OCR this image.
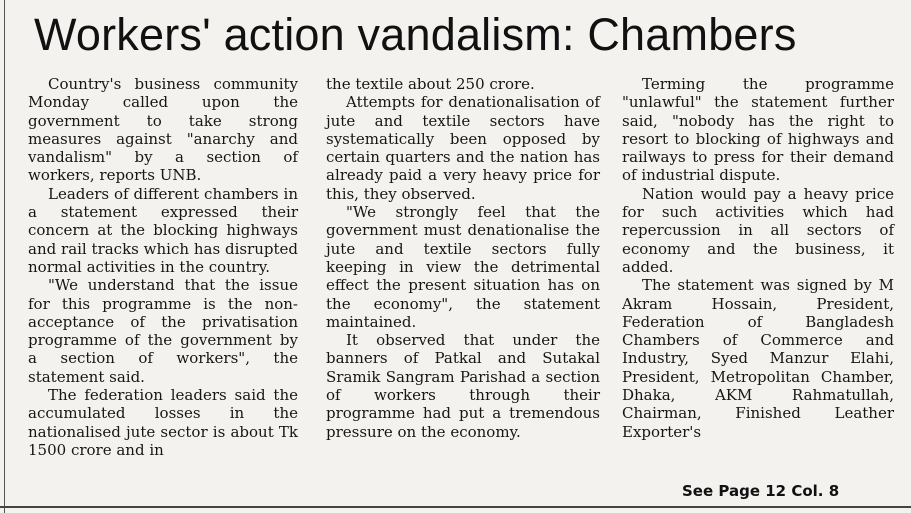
Workers' action vandalism: Chambers

Country's business community Monday called upon the government to take strong measures against "anarchy and vandalism" by a section of workers, reports UNB.

Leaders of different chambers in a statement expressed their concern at the blocking highways and rail tracks which has disrupted normal activities in the country.

"We understand that the issue for this programme is the non-acceptance of the privatisation programme of the government by a section of workers", the statement said.

The federation leaders said the accumulated losses in the nationalised jute sector is about Tk 1500 crore and in

the textile about 250 crore.

Attempts for denationalisation of jute and textile sectors have systematically been opposed by certain quarters and the nation has already paid a very heavy price for this, they observed.

"We strongly feel that the government must denationalise the jute and textile sectors fully keeping in view the detrimental effect the present situation has on the economy", the statement maintained.

It observed that under the banners of Patkal and Sutakal Sramik Sangram Parishad a section of workers through their programme had put a tremendous pressure on the economy.

Terming the programme "unlawful" the statement further said, "nobody has the right to resort to blocking of highways and railways to press for their demand of industrial dispute.

Nation would pay a heavy price for such activities which had repercussion in all sectors of economy and the business, it added.

The statement was signed by M Akram Hossain, President, Federation of Bangladesh Chambers of Commerce and Industry, Syed Manzur Elahi, President, Metropolitan Chamber, Dhaka, AKM Rahmatullah, Chairman, Finished Leather Exporter's

See Page 12 Col. 8
